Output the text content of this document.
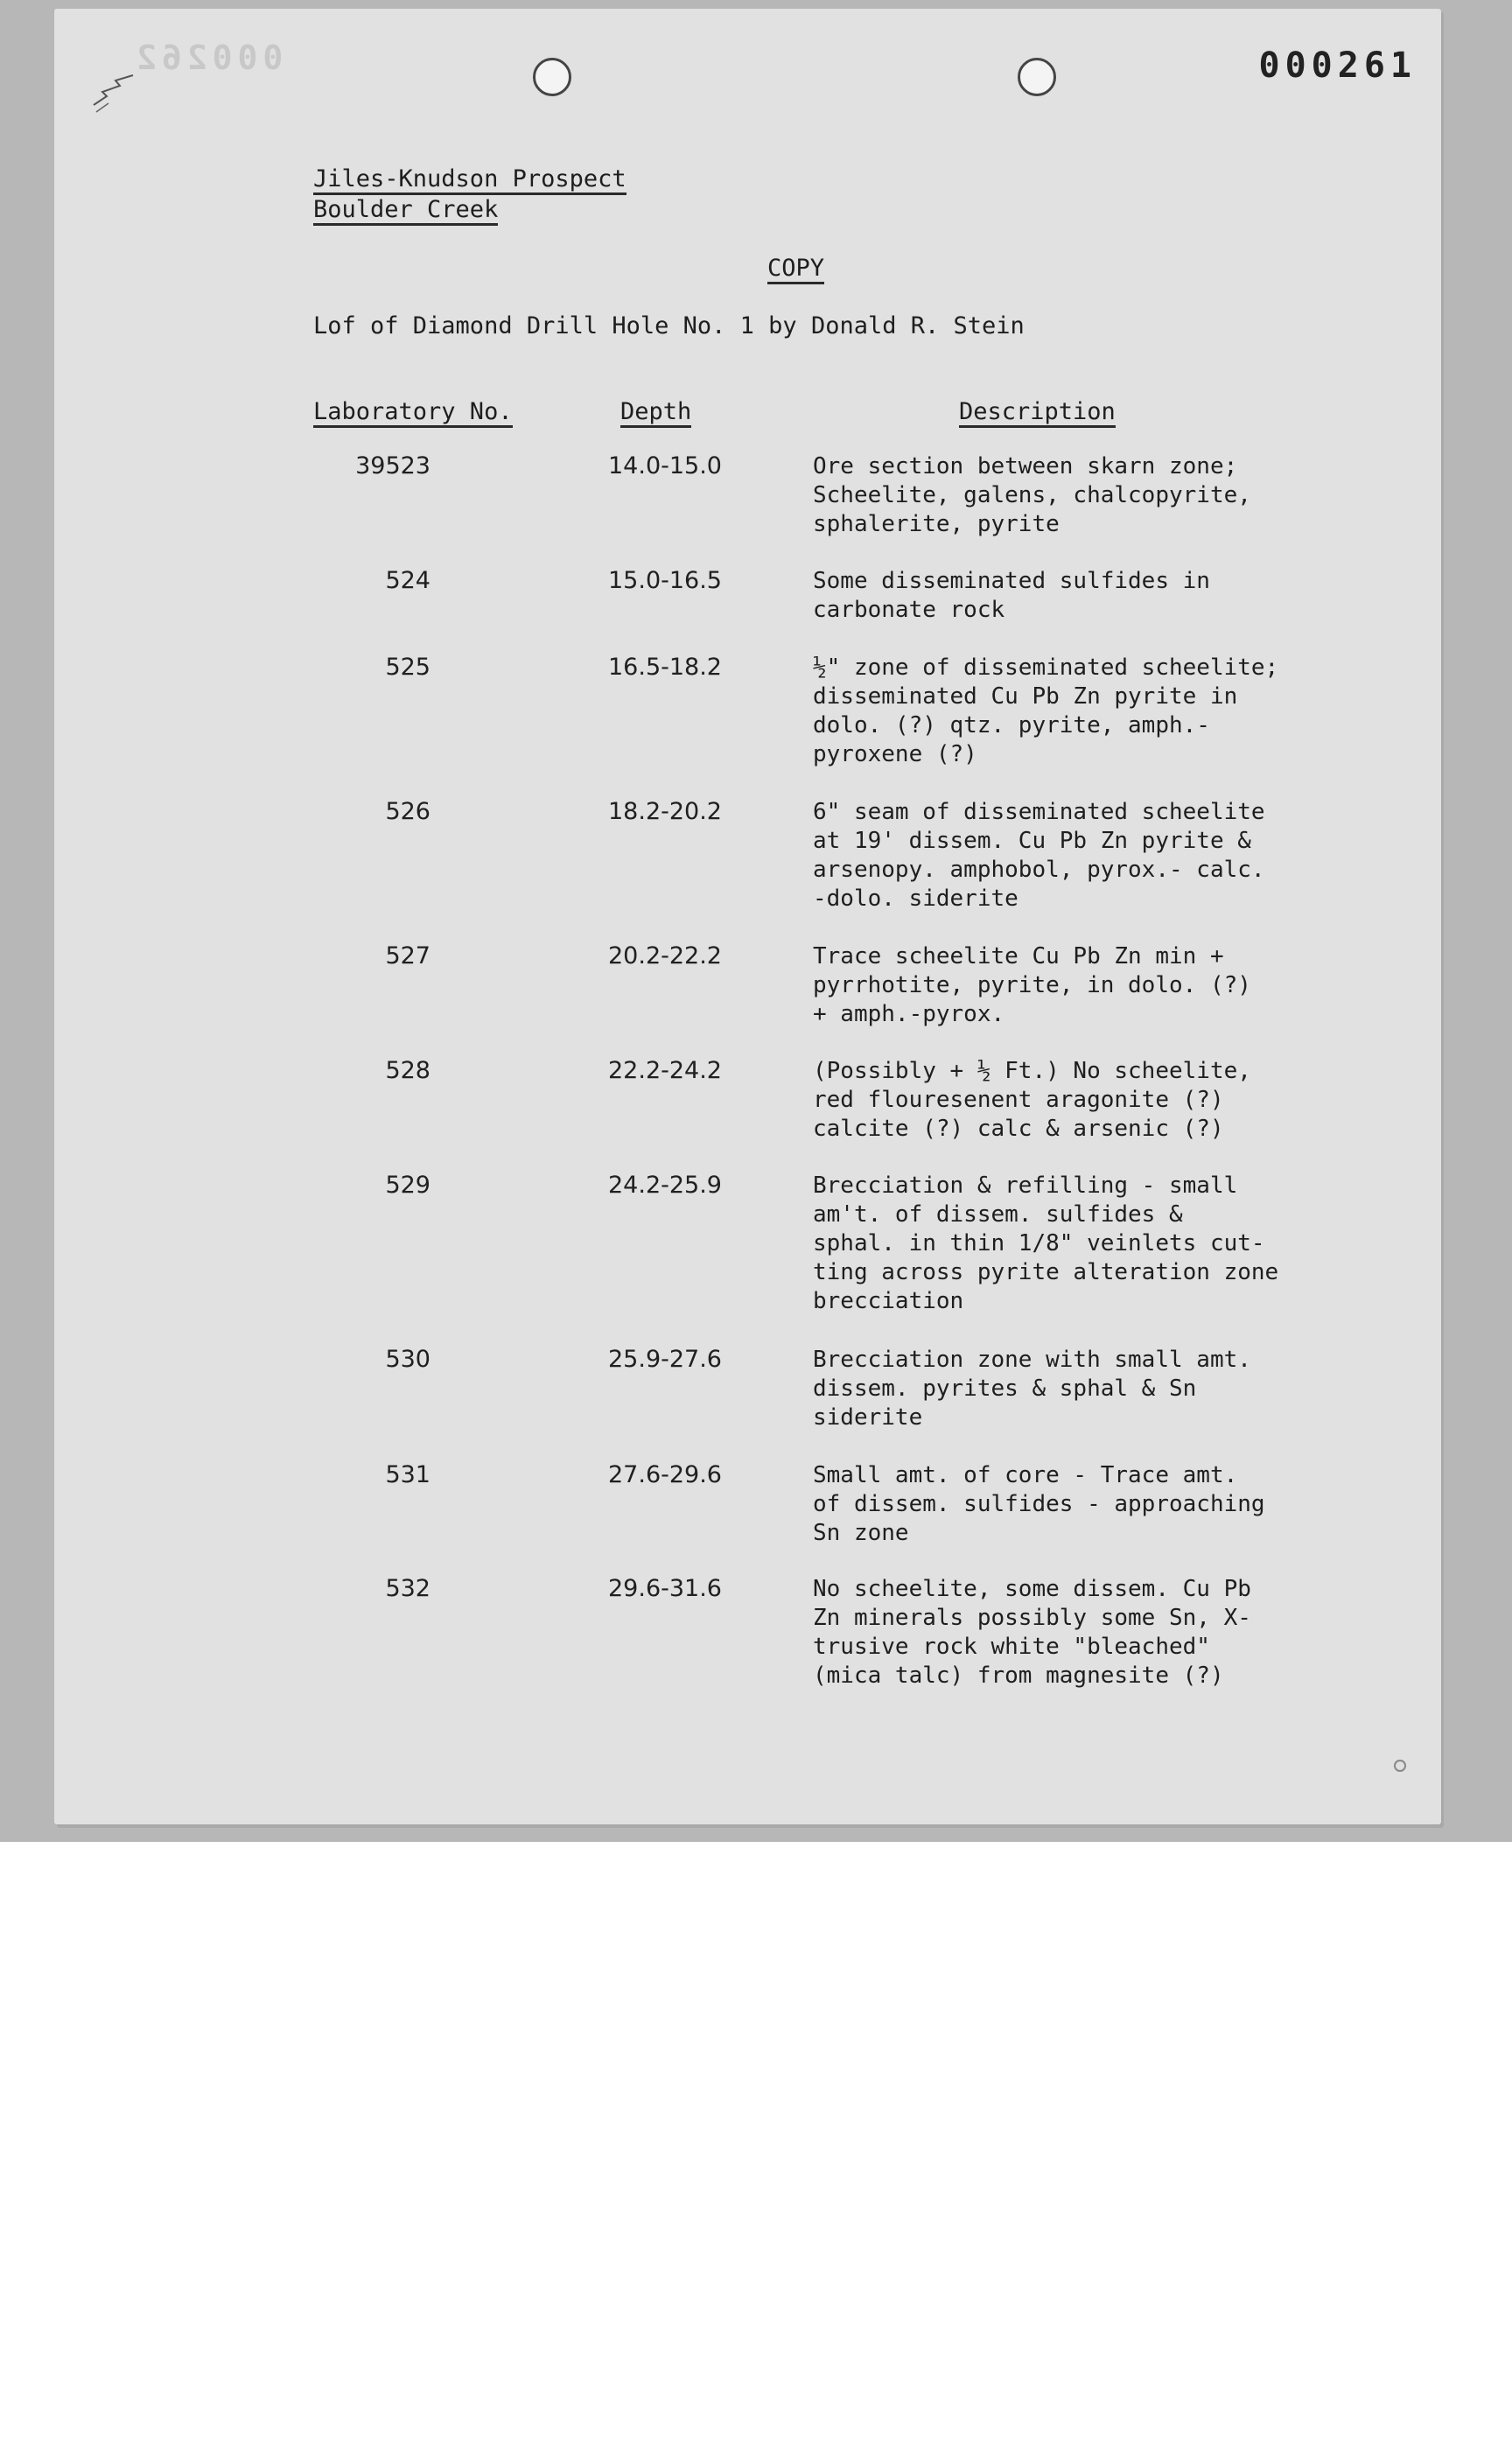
000262	000261
Jiles-Knudson Prospect
Boulder Creek
COPY
Lof of Diamond Drill Hole No. 1 by Donald R. Stein
Laboratory No.	Depth	Description
39523	14.0-15.0	Ore section between skarn zone;
Scheelite, galens, chalcopyrite,
sphalerite, pyrite
524	15.0-16.5	Some disseminated sulfides in
carbonate rock
525	16.5-18.2	½" zone of disseminated scheelite;
disseminated Cu Pb Zn pyrite in
dolo. (?) qtz. pyrite, amph.-
pyroxene (?)
526	18.2-20.2	6" seam of disseminated scheelite
at 19' dissem. Cu Pb Zn pyrite &
arsenopy. amphobol, pyrox.- calc.
-dolo. siderite
527	20.2-22.2	Trace scheelite Cu Pb Zn min +
pyrrhotite, pyrite, in dolo. (?)
+ amph.-pyrox.
528	22.2-24.2	(Possibly + ½ Ft.) No scheelite,
red flouresenent aragonite (?)
calcite (?) calc & arsenic (?)
529	24.2-25.9	Brecciation & refilling - small
am't. of dissem. sulfides &
sphal. in thin 1/8" veinlets cut-
ting across pyrite alteration zone
brecciation
530	25.9-27.6	Brecciation zone with small amt.
dissem. pyrites & sphal & Sn
siderite
531	27.6-29.6	Small amt. of core - Trace amt.
of dissem. sulfides - approaching
Sn zone
532	29.6-31.6	No scheelite, some dissem. Cu Pb
Zn minerals possibly some Sn, X-
trusive rock white "bleached"
(mica talc) from magnesite (?)
